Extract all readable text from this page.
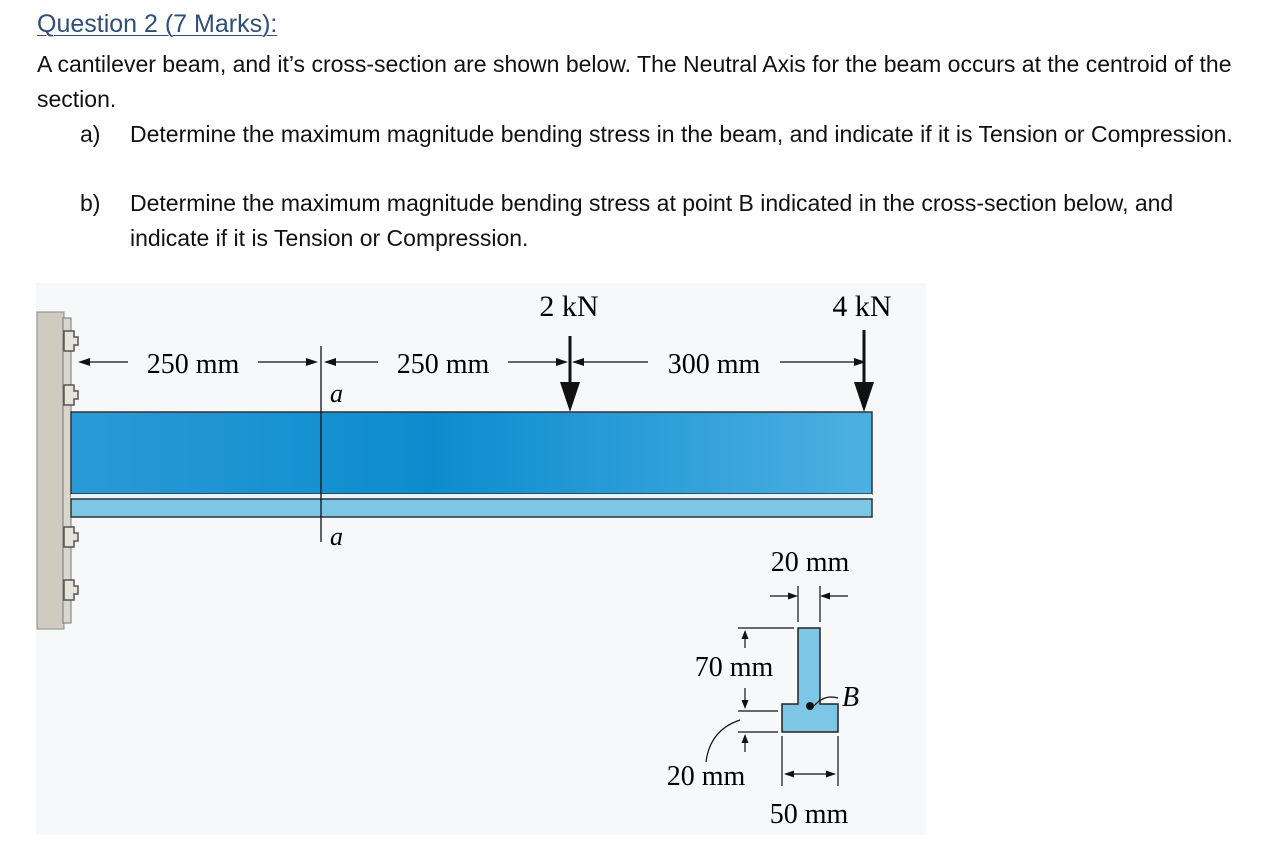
Question 2 (7 Marks):
A cantilever beam, and it’s cross-section are shown below. The Neutral Axis for the beam occurs at the centroid of the section.
a) Determine the maximum magnitude bending stress in the beam, and indicate if it is Tension or Compression.
b) Determine the maximum magnitude bending stress at point B indicated in the cross-section below, and indicate if it is Tension or Compression.
a
a
250 mm	250 mm	300 mm
2 kN	4 kN
20 mm
70 mm
20 mm
50 mm
B
